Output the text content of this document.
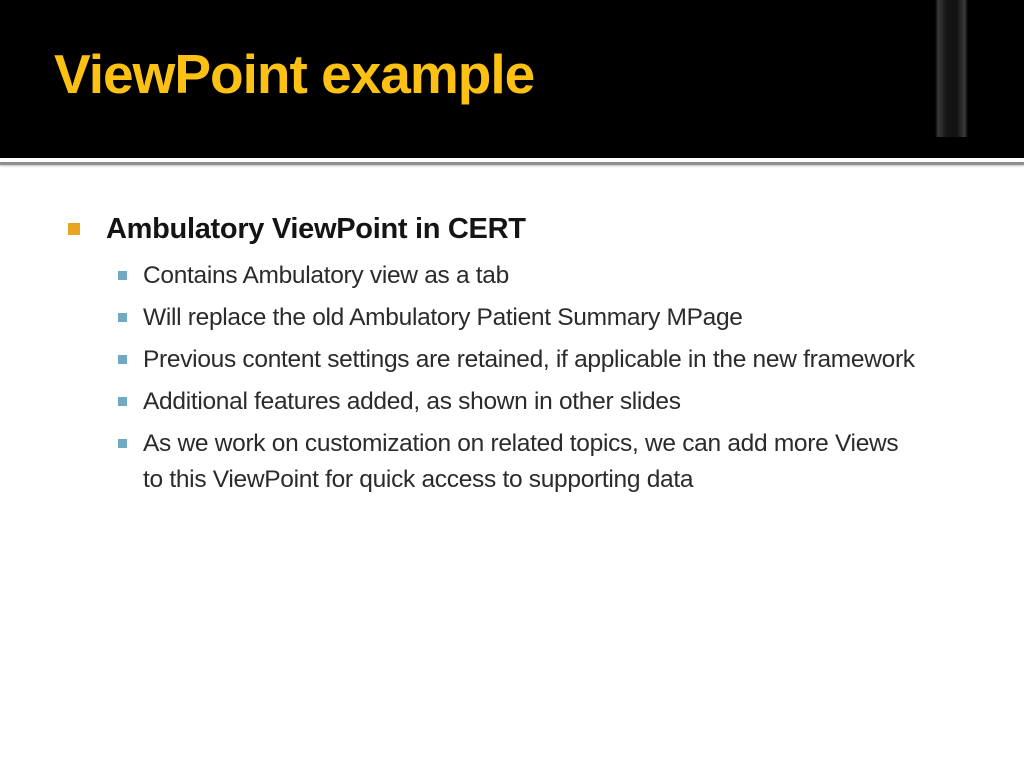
ViewPoint example
Ambulatory ViewPoint in CERT
Contains Ambulatory view as a tab
Will replace the old Ambulatory Patient Summary MPage
Previous content settings are retained, if applicable in the new framework
Additional features added, as shown in other slides
As we work on customization on related topics, we can add more Views to this ViewPoint for quick access to supporting data
